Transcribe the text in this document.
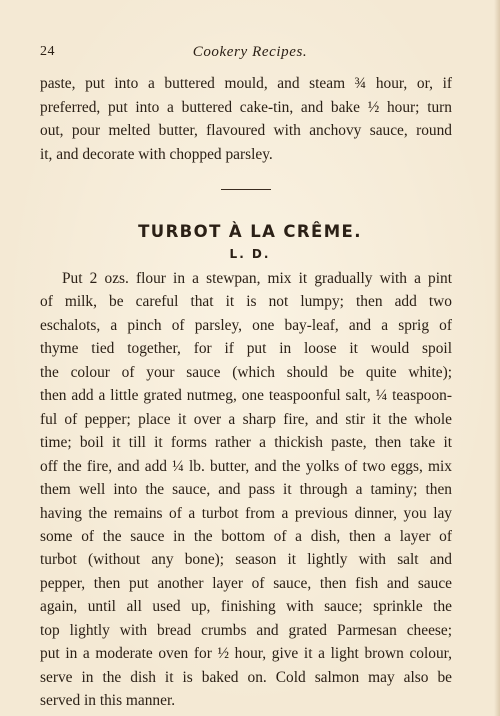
24	Cookery Recipes.
paste, put into a buttered mould, and steam ¾ hour, or, if
preferred, put into a buttered cake-tin, and bake ½ hour; turn
out, pour melted butter, flavoured with anchovy sauce, round
it, and decorate with chopped parsley.
TURBOT À LA CRÊME.
L. D.
Put 2 ozs. flour in a stewpan, mix it gradually with a pint
of milk, be careful that it is not lumpy; then add two
eschalots, a pinch of parsley, one bay-leaf, and a sprig of
thyme tied together, for if put in loose it would spoil
the colour of your sauce (which should be quite white);
then add a little grated nutmeg, one teaspoonful salt, ¼ teaspoon-
ful of pepper; place it over a sharp fire, and stir it the whole
time; boil it till it forms rather a thickish paste, then take it
off the fire, and add ¼ lb. butter, and the yolks of two eggs, mix
them well into the sauce, and pass it through a taminy; then
having the remains of a turbot from a previous dinner, you lay
some of the sauce in the bottom of a dish, then a layer of
turbot (without any bone); season it lightly with salt and
pepper, then put another layer of sauce, then fish and sauce
again, until all used up, finishing with sauce; sprinkle the
top lightly with bread crumbs and grated Parmesan cheese;
put in a moderate oven for ½ hour, give it a light brown colour,
serve in the dish it is baked on. Cold salmon may also be
served in this manner.
